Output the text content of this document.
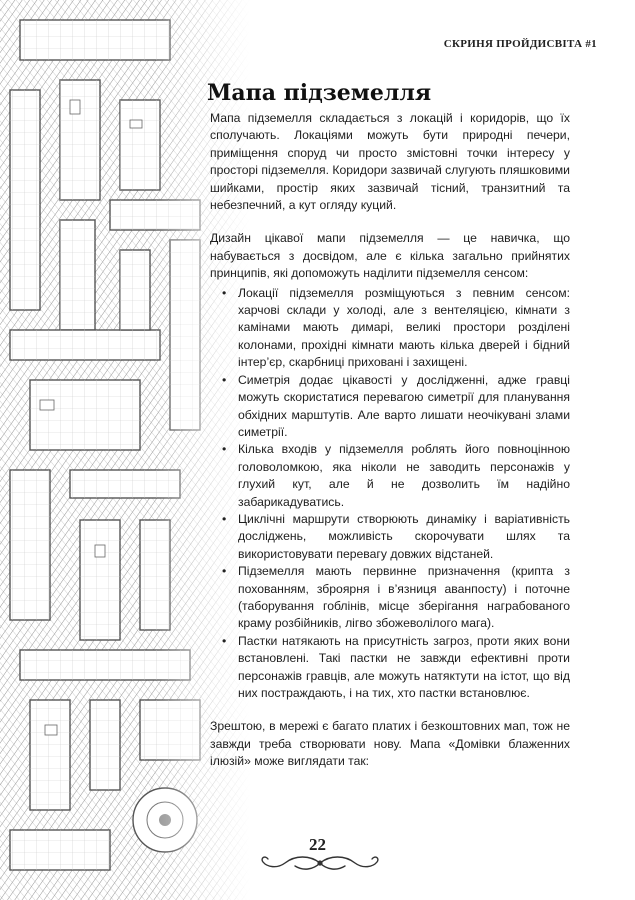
СКРИНЯ ПРОЙДИСВІТА #1
Мапа підземелля

Мапа підземелля складається з локацій і коридорів, що їх сполучають. Локаціями можуть бути природні печери, приміщення споруд чи просто змістовні точки інтересу у просторі підземелля. Коридори зазвичай слугують пляшковими шийками, простір яких зазвичай тісний, транзитний та небезпечний, а кут огляду куций.

Дизайн цікавої мапи підземелля — це навичка, що набувається з досвідом, але є кілька загально прийнятих принципів, які допоможуть наділити підземелля сенсом:

• Локації підземелля розміщуються з певним сенсом: харчові склади у холоді, але з вентеляцією, кімнати з камінами мають димарі, великі простори розділені колонами, прохідні кімнати мають кілька дверей і бідний інтер’єр, скарбниці приховані і захищені.
• Симетрія додає цікавості у дослідженні, адже гравці можуть скористатися перевагою симетрії для планування обхідних марштутів. Але варто лишати неочікувані злами симетрії.
• Кілька входів у підземелля роблять його повноцінною головоломкою, яка ніколи не заводить персонажів у глухий кут, але й не дозволить їм надійно забарикадуватись.
• Циклічні маршрути створюють динаміку і варіативність досліджень, можливість скорочувати шлях та використовувати перевагу довжих відстаней.
• Підземелля мають первинне призначення (крипта з похованням, зброярня і в’язниця аванпосту) і поточне (таборування гоблінів, місце зберігання награбованого краму розбійників, лігво збожеволілого мага).
• Пастки натякають на присутність загроз, проти яких вони встановлені. Такі пастки не завжди ефективні проти персонажів гравців, але можуть натяктути на істот, що від них постраждають, і на тих, хто пастки встановлює.

Зрештою, в мережі є багато платих і безкоштовних мап, тож не завжди треба створювати нову. Мапа «Домівки блаженних ілюзій» може виглядати так:

22
